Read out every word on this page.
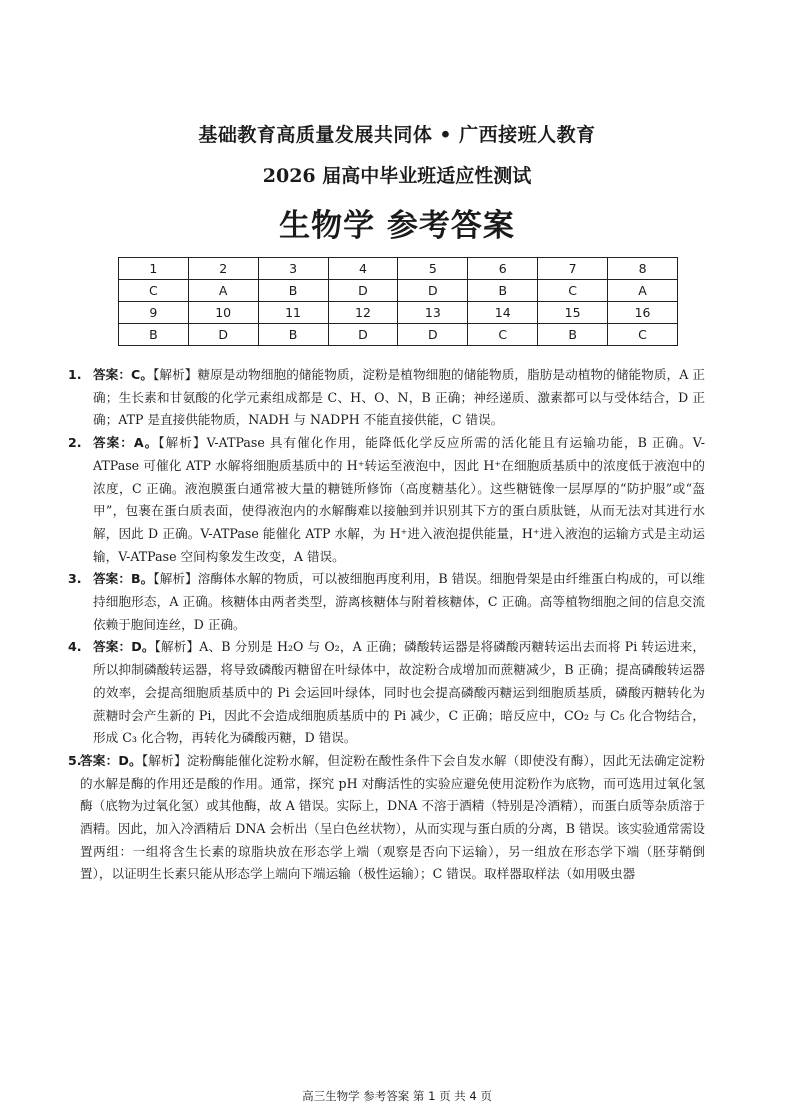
基础教育高质量发展共同体 • 广西接班人教育
2026 届高中毕业班适应性测试
生物学 参考答案
1	2	3	4	5	6	7	8
C	A	B	D	D	B	C	A
9	10	11	12	13	14	15	16
B	D	B	D	D	C	B	C
1. 答案：C。【解析】糖原是动物细胞的储能物质，淀粉是植物细胞的储能物质，脂肪是动植物的储能物质，A 正确；生长素和甘氨酸的化学元素组成都是 C、H、O、N，B 正确；神经递质、激素都可以与受体结合，D 正确；ATP 是直接供能物质，NADH 与 NADPH 不能直接供能，C 错误。
2. 答案：A。【解析】V-ATPase 具有催化作用，能降低化学反应所需的活化能且有运输功能，B 正确。V-ATPase 可催化 ATP 水解将细胞质基质中的 H⁺转运至液泡中，因此 H⁺在细胞质基质中的浓度低于液泡中的浓度，C 正确。液泡膜蛋白通常被大量的糖链所修饰（高度糖基化）。这些糖链像一层厚厚的“防护服”或“盔甲”，包裹在蛋白质表面，使得液泡内的水解酶难以接触到并识别其下方的蛋白质肽链，从而无法对其进行水解，因此 D 正确。V-ATPase 能催化 ATP 水解，为 H⁺进入液泡提供能量，H⁺进入液泡的运输方式是主动运输，V-ATPase 空间构象发生改变，A 错误。
3. 答案：B。【解析】溶酶体水解的物质，可以被细胞再度利用，B 错误。细胞骨架是由纤维蛋白构成的，可以维持细胞形态，A 正确。核糖体由两者类型，游离核糖体与附着核糖体，C 正确。高等植物细胞之间的信息交流依赖于胞间连丝，D 正确。
4. 答案：D。【解析】A、B 分别是 H₂O 与 O₂，A 正确；磷酸转运器是将磷酸丙糖转运出去而将 Pi 转运进来，所以抑制磷酸转运器，将导致磷酸丙糖留在叶绿体中，故淀粉合成增加而蔗糖减少，B 正确；提高磷酸转运器的效率，会提高细胞质基质中的 Pi 会运回叶绿体，同时也会提高磷酸丙糖运到细胞质基质，磷酸丙糖转化为蔗糖时会产生新的 Pi，因此不会造成细胞质基质中的 Pi 减少，C 正确；暗反应中，CO₂ 与 C₅ 化合物结合，形成 C₃ 化合物，再转化为磷酸丙糖，D 错误。
5.
答案：D。【解析】淀粉酶能催化淀粉水解，但淀粉在酸性条件下会自发水解（即使没有酶），因此无法确定淀粉的水解是酶的作用还是酸的作用。通常，探究 pH 对酶活性的实验应避免使用淀粉作为底物，而可选用过氧化氢酶（底物为过氧化氢）或其他酶，故 A 错误。实际上，DNA 不溶于酒精（特别是冷酒精），而蛋白质等杂质溶于酒精。因此，加入冷酒精后 DNA 会析出（呈白色丝状物），从而实现与蛋白质的分离，B 错误。该实验通常需设置两组：一组将含生长素的琼脂块放在形态学上端（观察是否向下运输），另一组放在形态学下端（胚芽鞘倒置），以证明生长素只能从形态学上端向下端运输（极性运输）；C 错误。取样器取样法（如用吸虫器
高三生物学 参考答案 第 1 页 共 4 页
